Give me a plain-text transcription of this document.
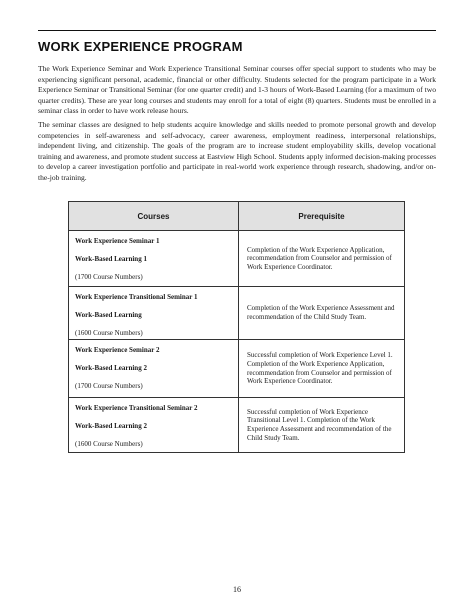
WORK EXPERIENCE PROGRAM

The Work Experience Seminar and Work Experience Transitional Seminar courses offer special support to students who may be experiencing significant personal, academic, financial or other difficulty. Students selected for the program participate in a Work Experience Seminar or Transitional Seminar (for one quarter credit) and 1-3 hours of Work-Based Learning (for a maximum of two quarter credits). These are year long courses and students may enroll for a total of eight (8) quarters. Students must be enrolled in a seminar class in order to have work release hours.

The seminar classes are designed to help students acquire knowledge and skills needed to promote personal growth and develop competencies in self-awareness and self-advocacy, career awareness, employment readiness, interpersonal relationships, independent living, and citizenship. The goals of the program are to increase student employability skills, develop vocational training and awareness, and promote student success at Eastview High School. Students apply informed decision-making processes to develop a career investigation portfolio and participate in real-world work experience through research, shadowing, and/or on-the-job training.

Courses	Prerequisite

Work Experience Seminar 1

Work-Based Learning 1

(1700 Course Numbers)

Completion of the Work Experience Application, recommendation from Counselor and permission of Work Experience Coordinator.

Work Experience Transitional Seminar 1

Work-Based Learning

(1600 Course Numbers)

Completion of the Work Experience Assessment and recommendation of the Child Study Team.

Work Experience Seminar 2

Work-Based Learning 2

(1700 Course Numbers)

Successful completion of Work Experience Level 1. Completion of the Work Experience Application, recommendation from Counselor and permission of Work Experience Coordinator.

Work Experience Transitional Seminar 2

Work-Based Learning 2

(1600 Course Numbers)

Successful completion of Work Experience Transitional Level 1. Completion of the Work Experience Assessment and recommendation of the Child Study Team.
16
